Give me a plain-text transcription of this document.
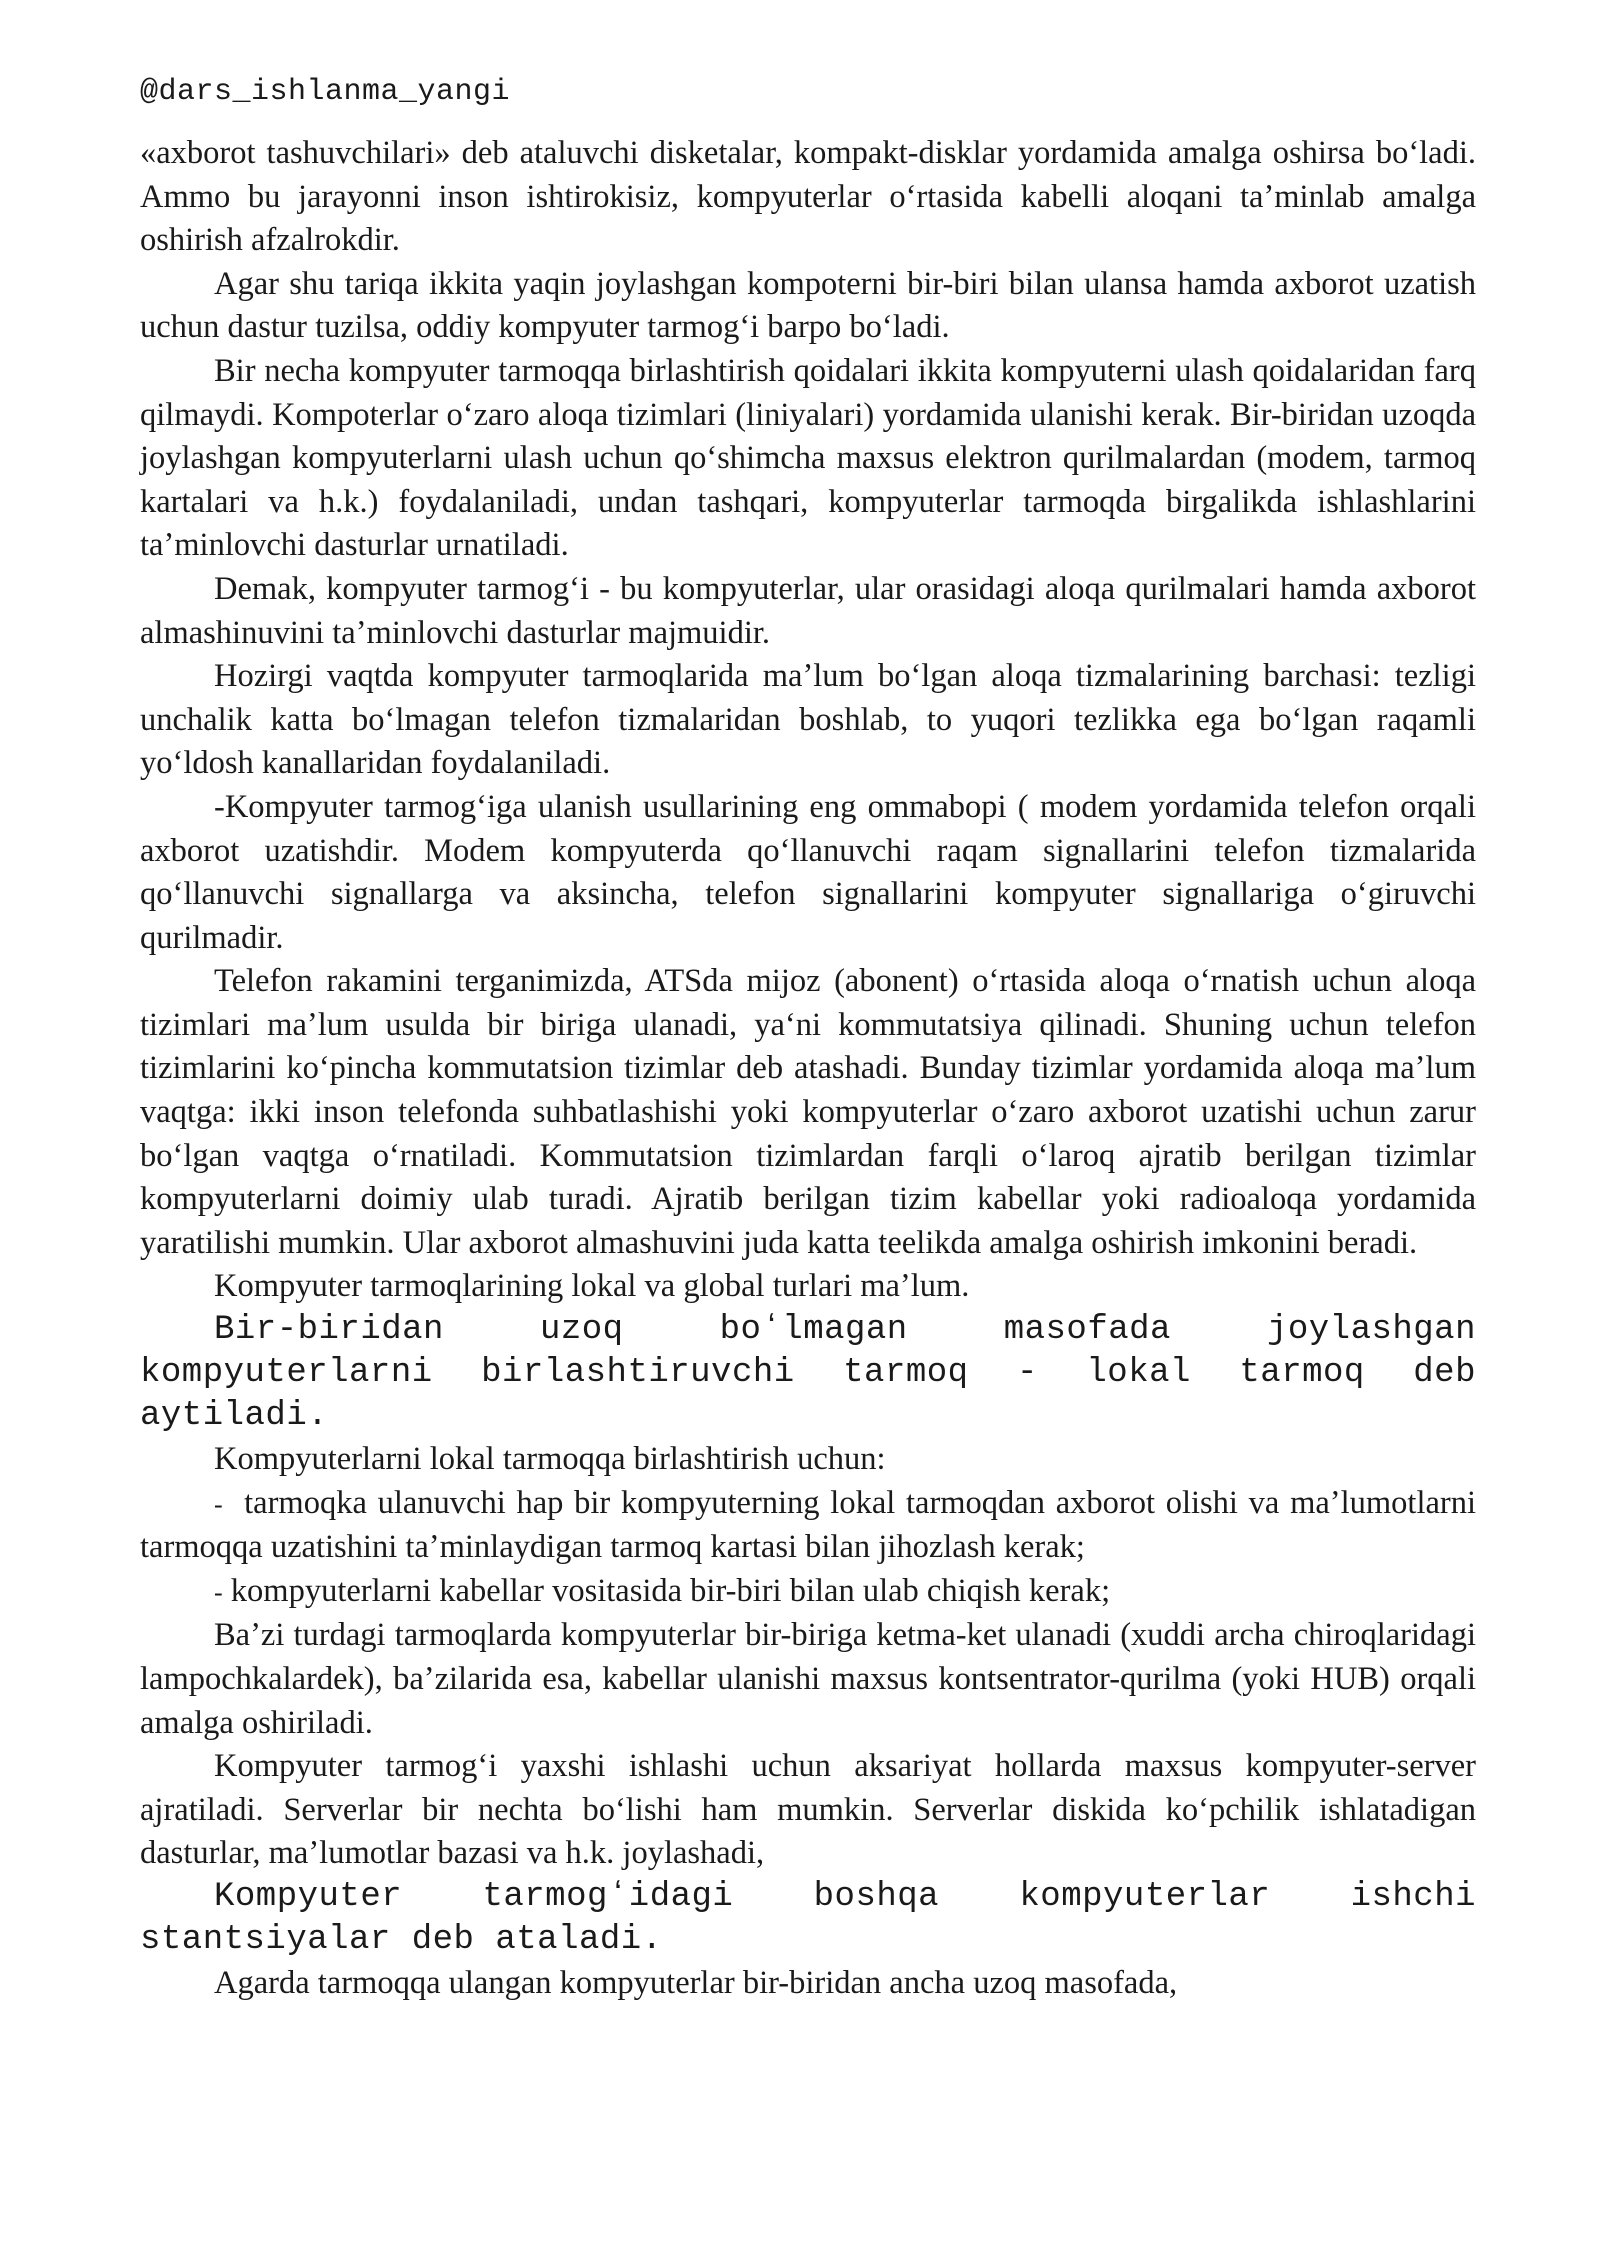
@dars_ishlanma_yangi

«axborot tashuvchilari» deb ataluvchi disketalar, kompakt-disklar yordamida amalga oshirsa boʻladi. Ammo bu jarayonni inson ishtirokisiz, kompyuterlar oʻrtasida kabelli aloqani taʼminlab amalga oshirish afzalrokdir.

Agar shu tariqa ikkita yaqin joylashgan kompoterni bir-biri bilan ulansa hamda axborot uzatish uchun dastur tuzilsa, oddiy kompyuter tarmogʻi barpo boʻladi.

Bir necha kompyuter tarmoqqa birlashtirish qoidalari ikkita kompyuterni ulash qoidalaridan farq qilmaydi. Kompoterlar oʻzaro aloqa tizimlari (liniyalari) yordamida ulanishi kerak. Bir-biridan uzoqda joylashgan kompyuterlarni ulash uchun qoʻshimcha maxsus elektron qurilmalardan (modem, tarmoq kartalari va h.k.) foydalaniladi, undan tashqari, kompyuterlar tarmoqda birgalikda ishlashlarini taʼminlovchi dasturlar urnatiladi.

Demak, kompyuter tarmogʻi - bu kompyuterlar, ular orasidagi aloqa qurilmalari hamda axborot almashinuvini taʼminlovchi dasturlar majmuidir.

Hozirgi vaqtda kompyuter tarmoqlarida maʼlum boʻlgan aloqa tizmalarining barchasi: tezligi unchalik katta boʻlmagan telefon tizmalaridan boshlab, to yuqori tezlikka ega boʻlgan raqamli yoʻldosh kanallaridan foydalaniladi.

-Kompyuter tarmogʻiga ulanish usullarining eng ommabopi ( modem yordamida telefon orqali axborot uzatishdir. Modem kompyuterda qoʻllanuvchi raqam signallarini telefon tizmalarida qoʻllanuvchi signallarga va aksincha, telefon signallarini kompyuter signallariga oʻgiruvchi qurilmadir.

Telefon rakamini terganimizda, ATSda mijoz (abonent) oʻrtasida aloqa oʻrnatish uchun aloqa tizimlari maʼlum usulda bir biriga ulanadi, yaʻni kommutatsiya qilinadi. Shuning uchun telefon tizimlarini koʻpincha kommutatsion tizimlar deb atashadi. Bunday tizimlar yordamida aloqa maʼlum vaqtga: ikki inson telefonda suhbatlashishi yoki kompyuterlar oʻzaro axborot uzatishi uchun zarur boʻlgan vaqtga oʻrnatiladi. Kommutatsion tizimlardan farqli oʻlaroq ajratib berilgan tizimlar kompyuterlarni doimiy ulab turadi. Ajratib berilgan tizim kabellar yoki radioaloqa yordamida yaratilishi mumkin. Ular axborot almashuvini juda katta teelikda amalga oshirish imkonini beradi.

Kompyuter tarmoqlarining lokal va global turlari maʼlum.

Bir-biridan uzoq boʻlmagan masofada joylashgan kompyuterlarni birlashtiruvchi tarmoq - lokal tarmoq deb aytiladi.

Kompyuterlarni lokal tarmoqqa birlashtirish uchun:

- tarmoqka ulanuvchi hap bir kompyuterning lokal tarmoqdan axborot olishi va maʼlumotlarni tarmoqqa uzatishini taʼminlaydigan tarmoq kartasi bilan jihozlash kerak;

- kompyuterlarni kabellar vositasida bir-biri bilan ulab chiqish kerak;

Baʼzi turdagi tarmoqlarda kompyuterlar bir-biriga ketma-ket ulanadi (xuddi archa chiroqlaridagi lampochkalardek), baʼzilarida esa, kabellar ulanishi maxsus kontsentrator-qurilma (yoki HUB) orqali amalga oshiriladi.

Kompyuter tarmogʻi yaxshi ishlashi uchun aksariyat hollarda maxsus kompyuter-server ajratiladi. Serverlar bir nechta boʻlishi ham mumkin. Serverlar diskida koʻpchilik ishlatadigan dasturlar, maʼlumotlar bazasi va h.k. joylashadi,

Kompyuter tarmogʻidagi boshqa kompyuterlar ishchi stantsiyalar deb ataladi.

Agarda tarmoqqa ulangan kompyuterlar bir-biridan ancha uzoq masofada,
